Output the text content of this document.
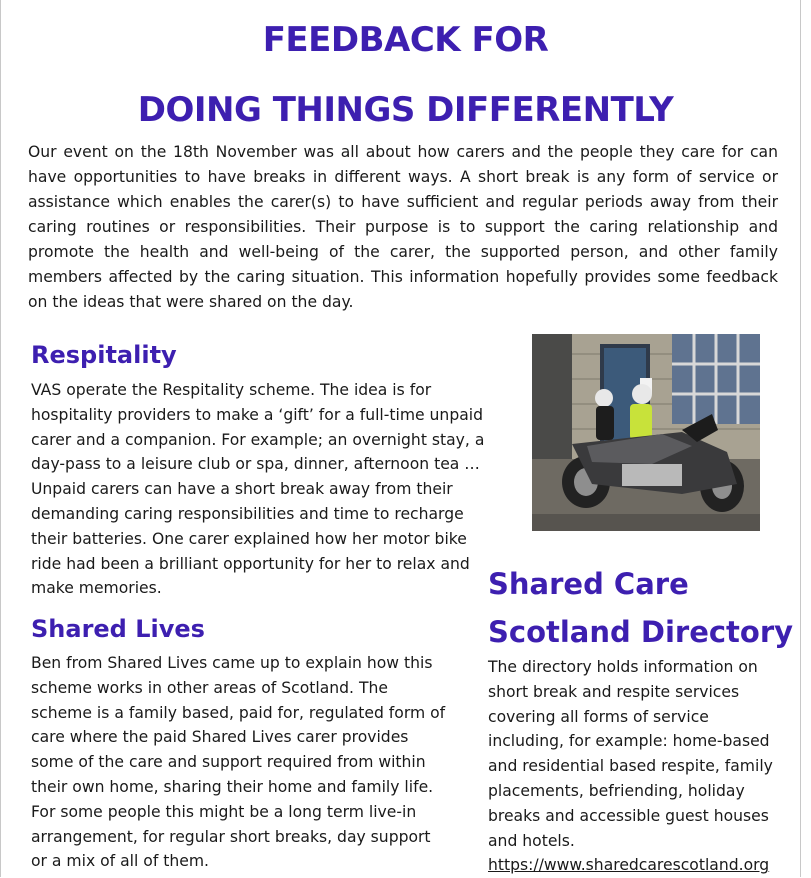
FEEDBACK FOR
DOING THINGS DIFFERENTLY

Our event on the 18th November was all about how carers and the people they care for can have opportunities to have breaks in different ways. A short break is any form of service or assistance which enables the carer(s) to have sufficient and regular periods away from their caring routines or responsibilities. Their purpose is to support the caring relationship and promote the health and well-being of the carer, the supported person, and other family members affected by the caring situation. This information hopefully provides some feedback on the ideas that were shared on the day.

Respitality

VAS operate the Respitality scheme. The idea is for hospitality providers to make a ‘gift’ for a full-time unpaid carer and a companion. For example; an overnight stay, a day-pass to a leisure club or spa, dinner, afternoon tea … Unpaid carers can have a short break away from their demanding caring responsibilities and time to recharge their batteries. One carer explained how her motor bike ride had been a brilliant opportunity for her to relax and make memories.	Shared Care
Scotland Directory
Shared Lives

Ben from Shared Lives came up to explain how this scheme works in other areas of Scotland. The scheme is a family based, paid for, regulated form of care where the paid Shared Lives carer provides some of the care and support required from within their own home, sharing their home and family life. For some people this might be a long term live-in arrangement, for regular short breaks, day support or a mix of all of them.

The directory holds information on short break and respite services covering all forms of service including, for example: home-based and residential based respite, family placements, befriending, holiday breaks and accessible guest houses and hotels.
https://www.sharedcarescotland.org
